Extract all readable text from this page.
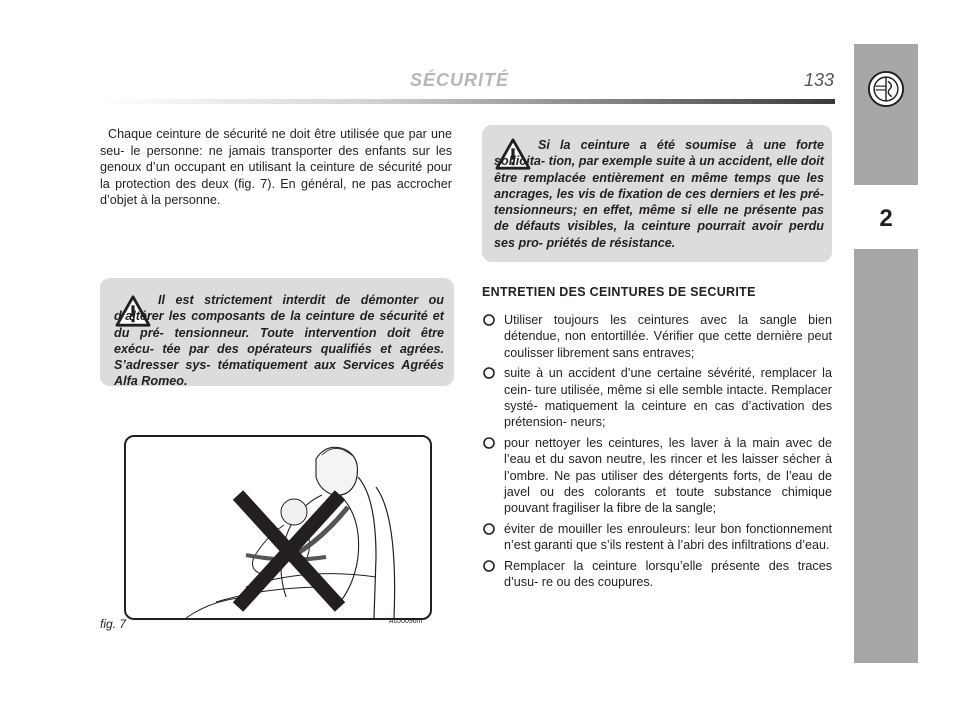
SÉCURITÉ	133
2
Chaque ceinture de sécurité ne doit être utilisée que par une seu- le personne: ne jamais transporter des enfants sur les genoux d’un occupant en utilisant la ceinture de sécurité pour la protection des deux (fig. 7). En général, ne pas accrocher d’objet à la personne.
Il est strictement interdit de démonter ou d’altérer les composants de la ceinture de sécurité et du pré- tensionneur. Toute intervention doit être exécu- tée par des opérateurs qualifiés et agrées. S’adresser sys- tématiquement aux Services Agréés Alfa Romeo.
Si la ceinture a été soumise à une forte sollicita- tion, par exemple suite à un accident, elle doit être remplacée entièrement en même temps que les ancrages, les vis de fixation de ces derniers et les pré- tensionneurs; en effet, même si elle ne présente pas de défauts visibles, la ceinture pourrait avoir perdu ses pro- priétés de résistance.
fig. 7	A0J0096m
ENTRETIEN DES CEINTURES DE SECURITE
Utiliser toujours les ceintures avec la sangle bien détendue, non entortillée. Vérifier que cette dernière peut coulisser librement sans entraves;
suite à un accident d’une certaine sévérité, remplacer la cein- ture utilisée, même si elle semble intacte. Remplacer systé- matiquement la ceinture en cas d’activation des prétension- neurs;
pour nettoyer les ceintures, les laver à la main avec de l’eau et du savon neutre, les rincer et les laisser sécher à l’ombre. Ne pas utiliser des détergents forts, de l’eau de javel ou des colorants et toute substance chimique pouvant fragiliser la fibre de la sangle;
éviter de mouiller les enrouleurs: leur bon fonctionnement n’est garanti que s’ils restent à l’abri des infiltrations d’eau.
Remplacer la ceinture lorsqu’elle présente des traces d’usu- re ou des coupures.
